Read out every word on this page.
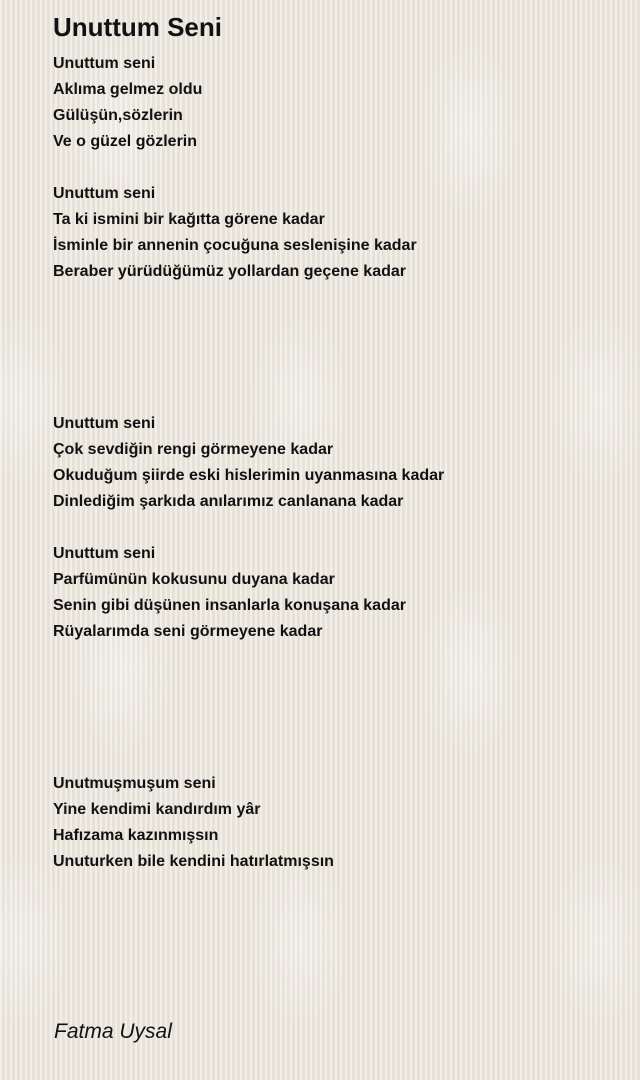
Unuttum Seni
Unuttum seni
Aklıma gelmez oldu
Gülüşün,sözlerin
Ve o güzel gözlerin
Unuttum seni
Ta ki ismini bir kağıtta görene kadar
İsminle bir annenin çocuğuna seslenişine kadar
Beraber yürüdüğümüz yollardan geçene kadar
Unuttum seni
Çok sevdiğin rengi görmeyene kadar
Okuduğum şiirde eski hislerimin uyanmasına kadar
Dinlediğim şarkıda anılarımız canlanana kadar
Unuttum seni
Parfümünün kokusunu duyana kadar
Senin gibi düşünen insanlarla konuşana kadar
Rüyalarımda seni görmeyene kadar
Unutmuşmuşum seni
Yine kendimi kandırdım yâr
Hafızama kazınmışsın
Unuturken bile kendini hatırlatmışsın

Fatma Uysal
